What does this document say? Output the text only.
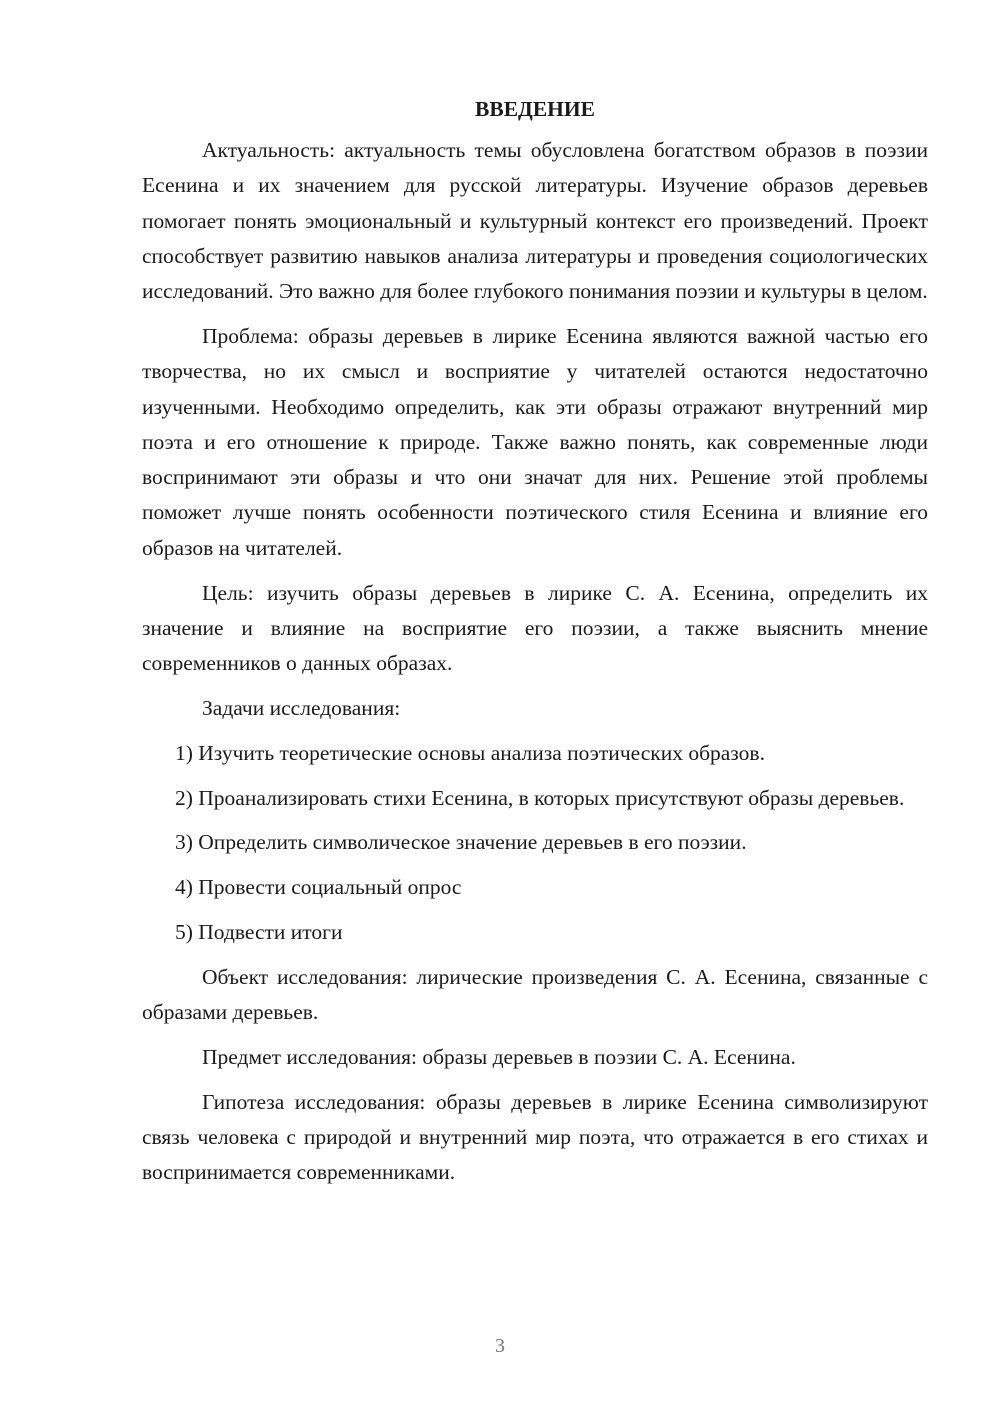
ВВЕДЕНИЕ

Актуальность: актуальность темы обусловлена богатством образов в поэзии Есенина и их значением для русской литературы. Изучение образов деревьев помогает понять эмоциональный и культурный контекст его произведений. Проект способствует развитию навыков анализа литературы и проведения социологических исследований. Это важно для более глубокого понимания поэзии и культуры в целом.

Проблема: образы деревьев в лирике Есенина являются важной частью его творчества, но их смысл и восприятие у читателей остаются недостаточно изученными. Необходимо определить, как эти образы отражают внутренний мир поэта и его отношение к природе. Также важно понять, как современные люди воспринимают эти образы и что они значат для них. Решение этой проблемы поможет лучше понять особенности поэтического стиля Есенина и влияние его образов на читателей.

Цель: изучить образы деревьев в лирике С. А. Есенина, определить их значение и влияние на восприятие его поэзии, а также выяснить мнение современников о данных образах.

Задачи исследования:

1) Изучить теоретические основы анализа поэтических образов.

2) Проанализировать стихи Есенина, в которых присутствуют образы деревьев.

3) Определить символическое значение деревьев в его поэзии.

4) Провести социальный опрос

5) Подвести итоги

Объект исследования: лирические произведения С. А. Есенина, связанные с образами деревьев.

Предмет исследования: образы деревьев в поэзии С. А. Есенина.

Гипотеза исследования: образы деревьев в лирике Есенина символизируют связь человека с природой и внутренний мир поэта, что отражается в его стихах и воспринимается современниками.

3
